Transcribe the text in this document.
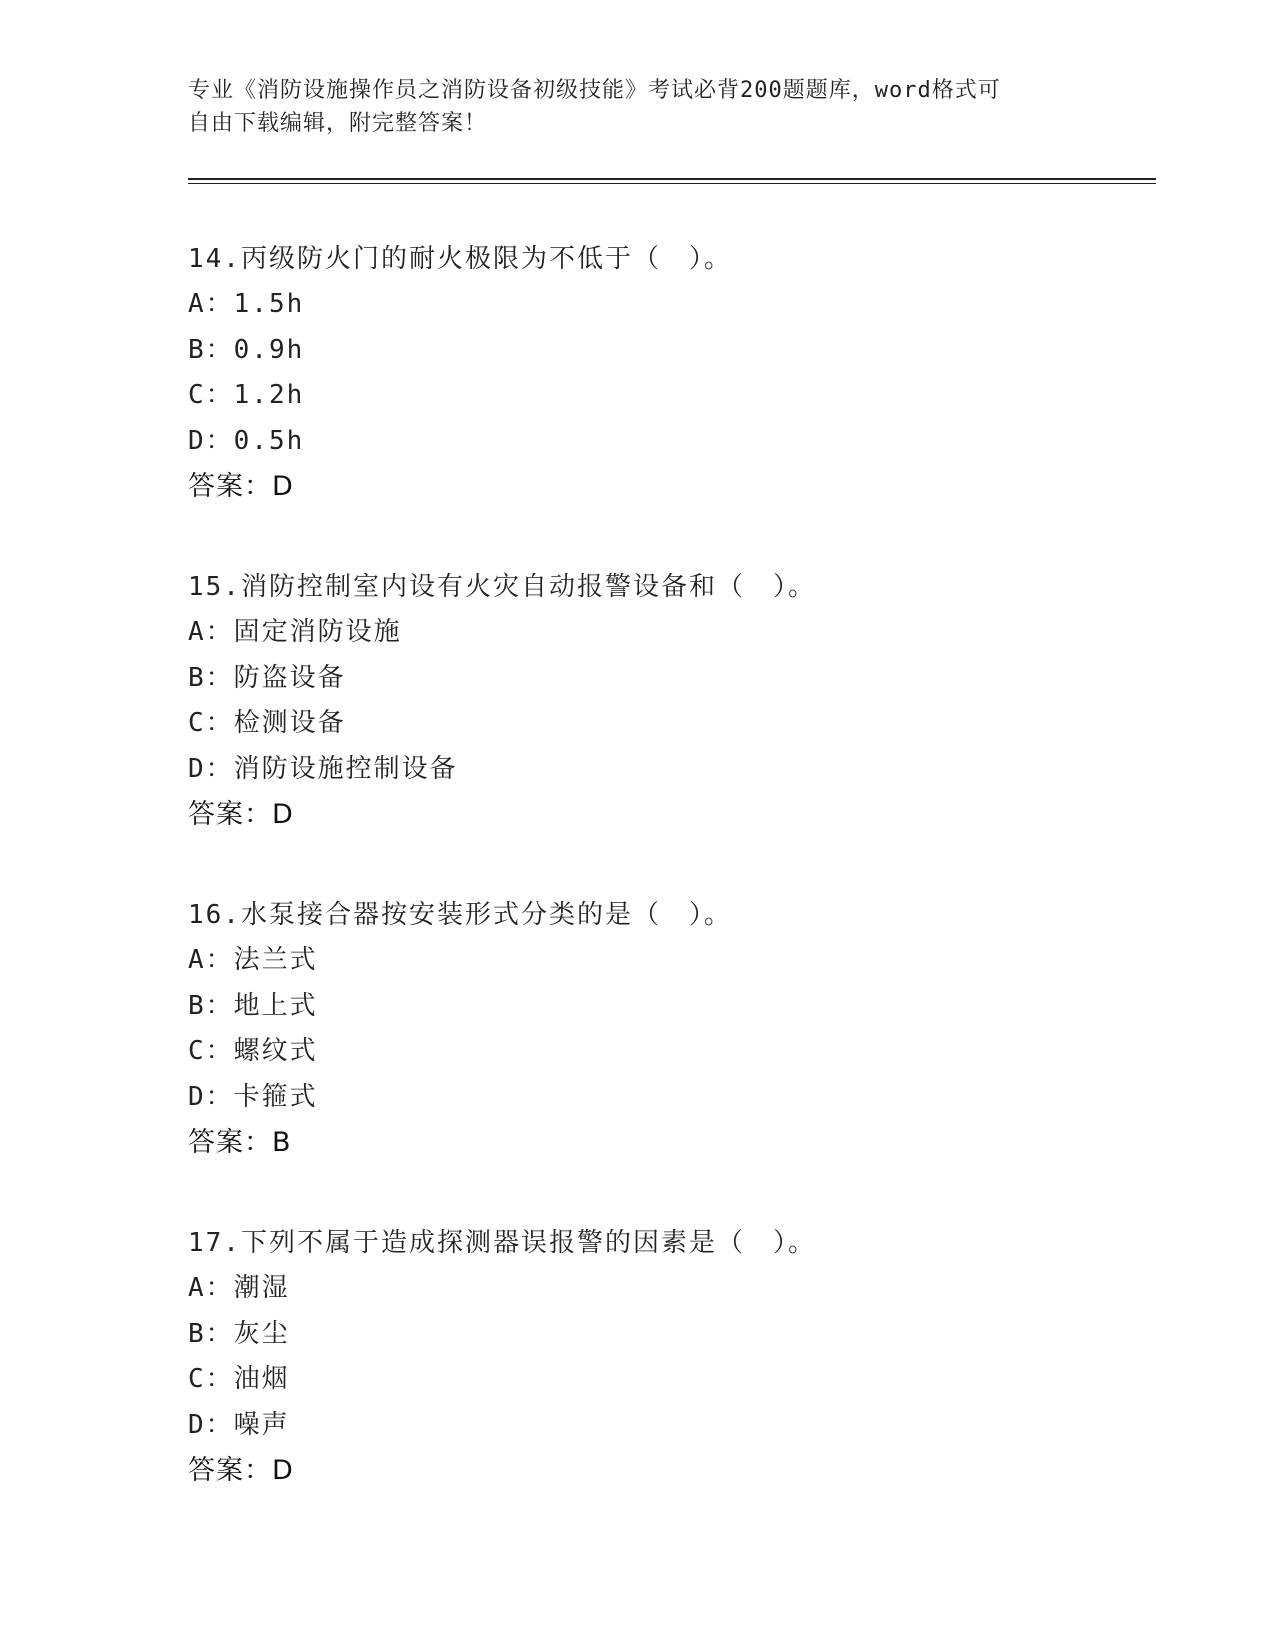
专业《消防设施操作员之消防设备初级技能》考试必背200题题库，word格式可
自由下载编辑，附完整答案！
14.丙级防火门的耐火极限为不低于（　）。
A：1.5h
B：0.9h
C：1.2h
D：0.5h
答案：D
15.消防控制室内设有火灾自动报警设备和（　）。
A：固定消防设施
B：防盗设备
C：检测设备
D：消防设施控制设备
答案：D
16.水泵接合器按安装形式分类的是（　）。
A：法兰式
B：地上式
C：螺纹式
D：卡箍式
答案：B
17.下列不属于造成探测器误报警的因素是（　）。
A：潮湿
B：灰尘
C：油烟
D：噪声
答案：D
